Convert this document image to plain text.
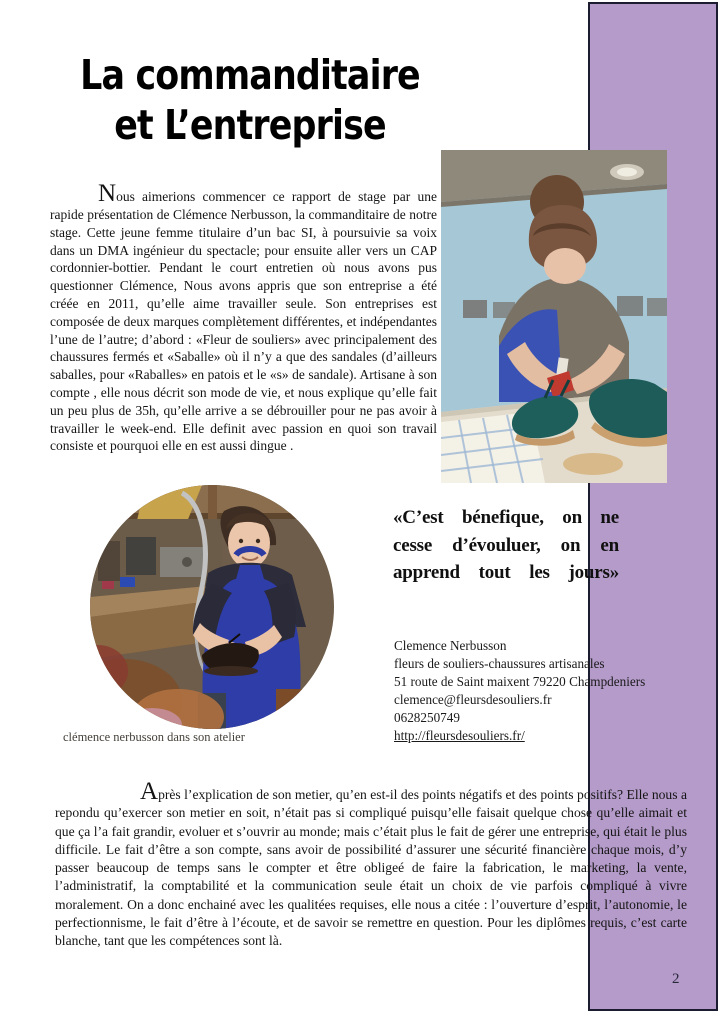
La commanditaire
et L’entreprise

Nous aimerions commencer ce rapport de stage par une rapide présentation de Clémence Nerbusson, la commanditaire de notre stage. Cette jeune femme titulaire d’un bac SI, à poursuivie sa voix dans un DMA ingénieur du spectacle; pour ensuite aller vers un CAP cordonnier-bottier. Pendant le court entretien où nous avons pus questionner Clémence, Nous avons appris que son entreprise a été créée en 2011, qu’elle aime travailler seule. Son entreprises est composée de deux marques complètement différentes, et indépendantes l’une de l’autre; d’abord : «Fleur de souliers» avec principalement des chaussures fermés et «Saballe» où il n’y a que des sandales (d’ailleurs saballes, pour «Raballes» en patois et le «s» de sandale). Artisane à son compte , elle nous décrit son mode de vie, et nous explique qu’elle fait un peu plus de 35h, qu’elle arrive a se débrouiller pour ne pas avoir à travailler le week-end. Elle definit avec passion en quoi son travail consiste et pourquoi elle en est aussi dingue .

«C’est bénefique, on ne
cesse d’évouluer, on en
apprend tout les jours»
clémence nerbusson dans son atelier
Clemence Nerbusson
fleurs de souliers-chaussures artisanales
51 route de Saint maixent 79220 Champdeniers
clemence@fleursdesouliers.fr
0628250749
http://fleursdesouliers.fr/

Après l’explication de son metier, qu’en est-il des points négatifs et des points positifs? Elle nous a repondu qu’exercer son metier en soit, n’était pas si compliqué puisqu’elle faisait quelque chose qu’elle aimait et que ça l’a fait grandir, evoluer et s’ouvrir au monde; mais c’était plus le fait de gérer une entreprise, qui était le plus difficile. Le fait d’être a son compte, sans avoir de possibilité d’assurer une sécurité financière chaque mois, d’y passer beaucoup de temps sans le compter et être obligeé de faire la fabrication, le marketing, la vente, l’administratif, la comptabilité et la communication seule était un choix de vie parfois compliqué à vivre moralement. On a donc enchainé avec les qualitées requises, elle nous a citée : l’ouverture d’esprit, l’autonomie, le perfectionnisme, le fait d’être à l’écoute, et de savoir se remettre en question. Pour les diplômes requis, c’est carte blanche, tant que les compétences sont là.

2
